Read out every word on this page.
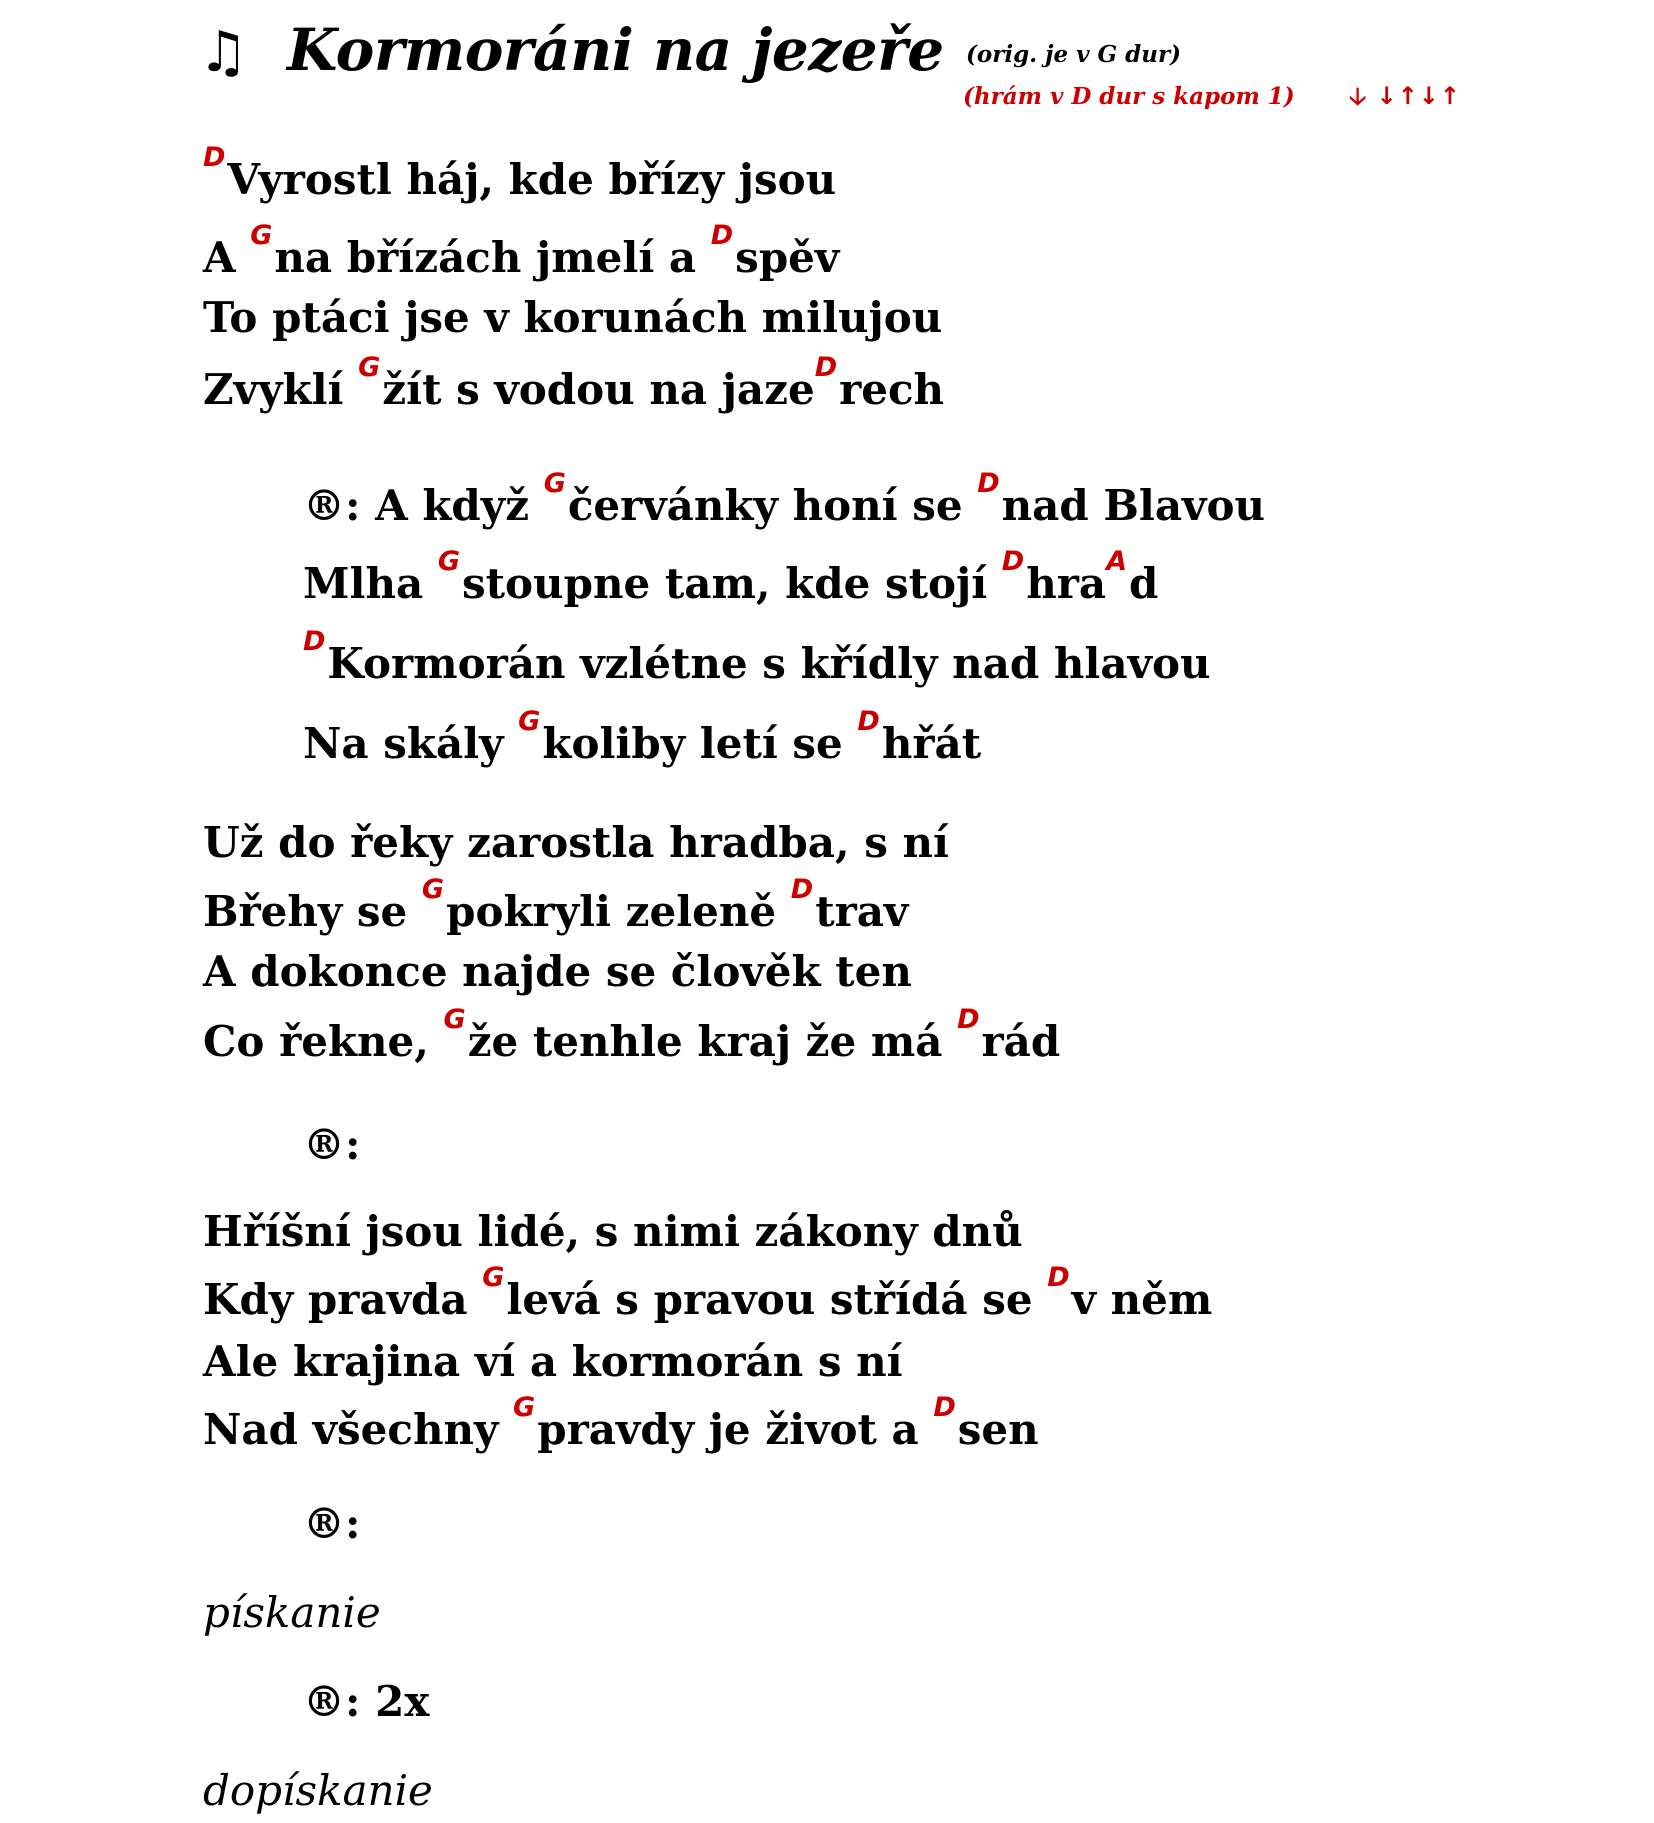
♫ Kormoráni na jezeře (orig. je v G dur)
(hrám v D dur s kapom 1) 🡣 ↓↑↓↑
$^D$Vyrostl háj, kde břízy jsou
A $^G$na břízách jmelí a $^D$spěv
To ptáci jse v korunách milujou
Zvyklí $^G$žít s vodou na jaze$^D$rech
®: A když $^G$červánky honí se $^D$nad Blavou
Mlha $^G$stoupne tam, kde stojí $^D$hra$^A$d
$^D$Kormorán vzlétne s křídly nad hlavou
Na skály $^G$koliby letí se $^D$hřát
Už do řeky zarostla hradba, s ní
Břehy se $^G$pokryli zeleně $^D$trav
A dokonce najde se člověk ten
Co řekne, $^G$že tenhle kraj že má $^D$rád
®:
Hříšní jsou lidé, s nimi zákony dnů
Kdy pravda $^G$levá s pravou střídá se $^D$v něm
Ale krajina ví a kormorán s ní
Nad všechny $^G$pravdy je život a $^D$sen
®:
pískanie
®: 2x
dopískanie
